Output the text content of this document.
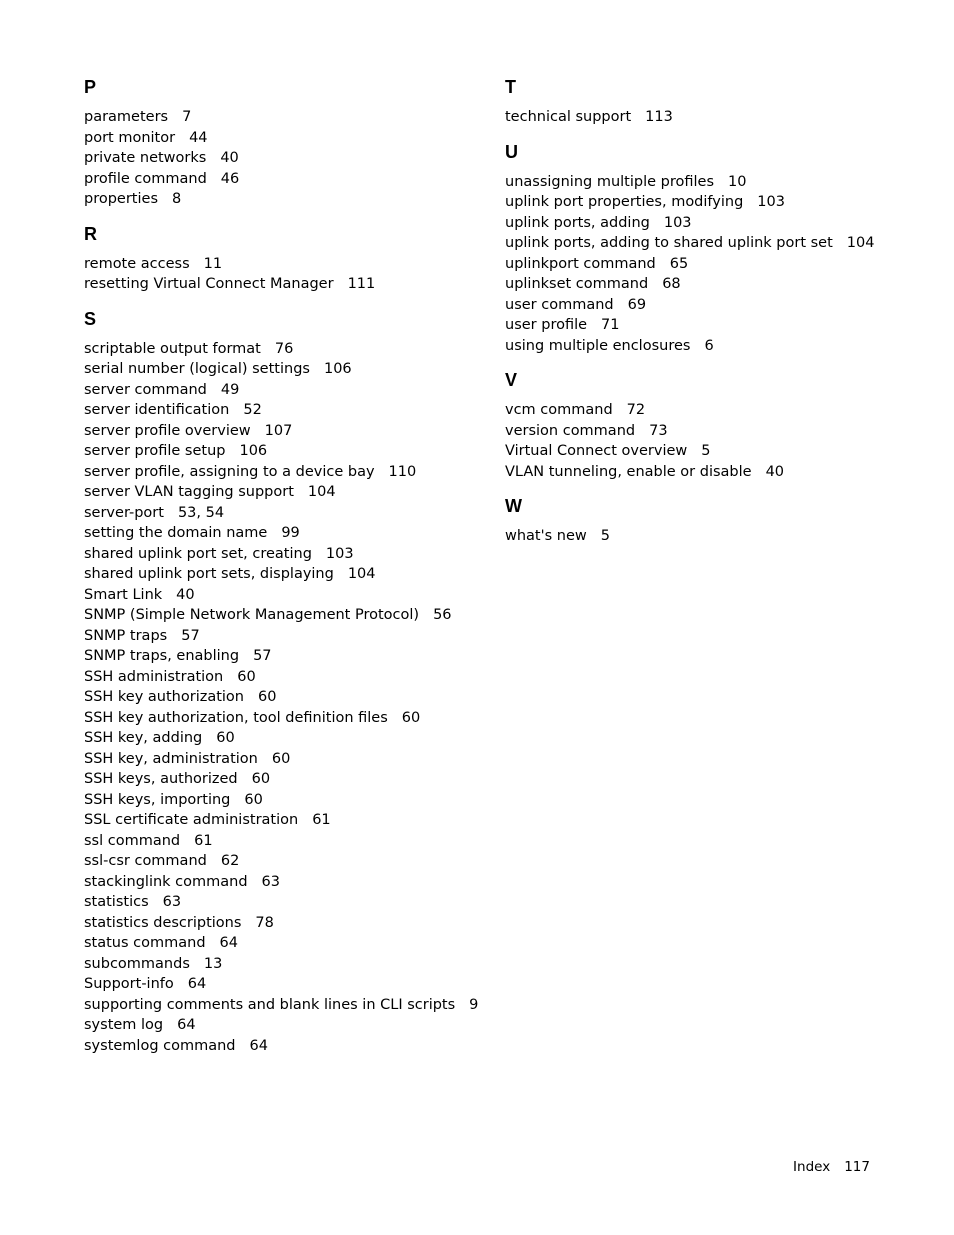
P
parameters 7
port monitor 44
private networks 40
profile command 46
properties 8
R
remote access 11
resetting Virtual Connect Manager 111
S
scriptable output format 76
serial number (logical) settings 106
server command 49
server identification 52
server profile overview 107
server profile setup 106
server profile, assigning to a device bay 110
server VLAN tagging support 104
server-port 53, 54
setting the domain name 99
shared uplink port set, creating 103
shared uplink port sets, displaying 104
Smart Link 40
SNMP (Simple Network Management Protocol) 56
SNMP traps 57
SNMP traps, enabling 57
SSH administration 60
SSH key authorization 60
SSH key authorization, tool definition files 60
SSH key, adding 60
SSH key, administration 60
SSH keys, authorized 60
SSH keys, importing 60
SSL certificate administration 61
ssl command 61
ssl-csr command 62
stackinglink command 63
statistics 63
statistics descriptions 78
status command 64
subcommands 13
Support-info 64
supporting comments and blank lines in CLI scripts 9
system log 64
systemlog command 64
T
technical support 113
U
unassigning multiple profiles 10
uplink port properties, modifying 103
uplink ports, adding 103
uplink ports, adding to shared uplink port set 104
uplinkport command 65
uplinkset command 68
user command 69
user profile 71
using multiple enclosures 6
V
vcm command 72
version command 73
Virtual Connect overview 5
VLAN tunneling, enable or disable 40
W
what's new 5
Index 117
